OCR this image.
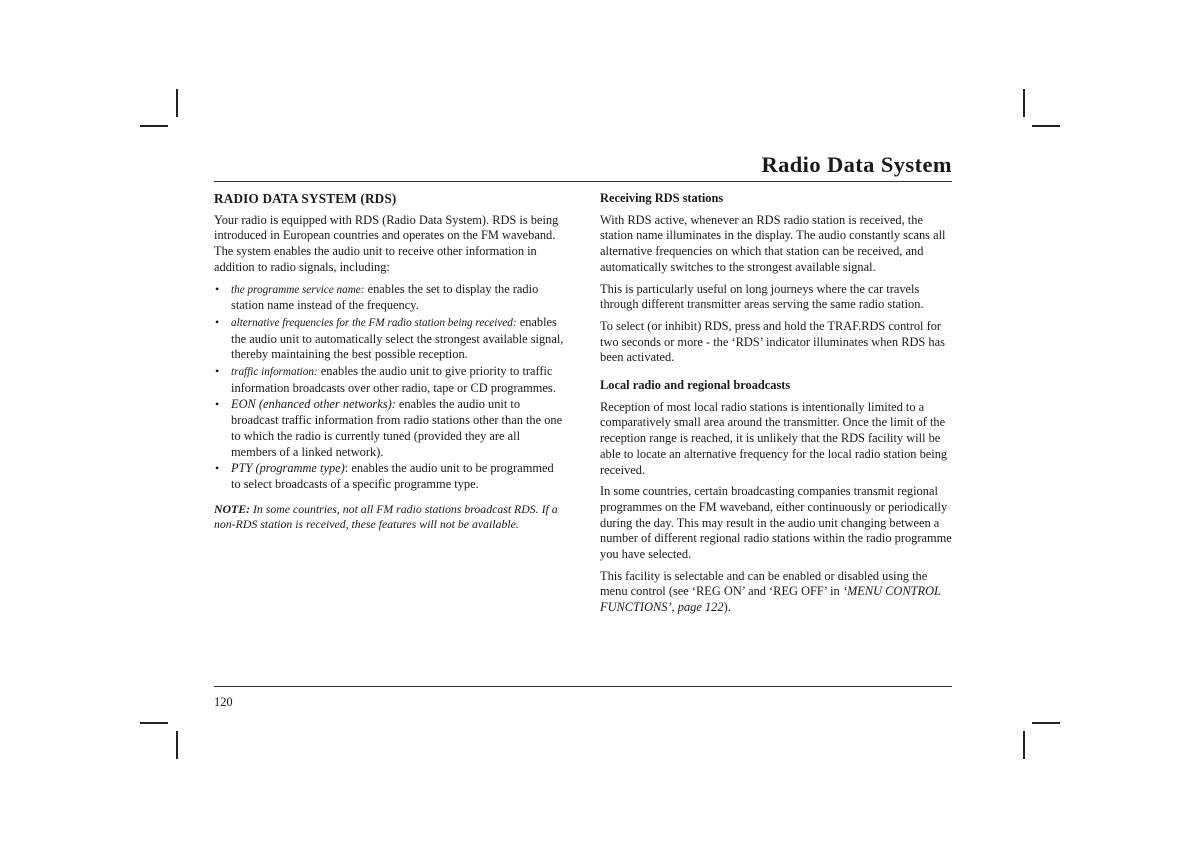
Radio Data System

RADIO DATA SYSTEM (RDS)

Your radio is equipped with RDS (Radio Data System). RDS is being introduced in European countries and operates on the FM waveband. The system enables the audio unit to receive other information in addition to radio signals, including:

• the programme service name: enables the set to display the radio station name instead of the frequency.
• alternative frequencies for the FM radio station being received: enables the audio unit to automatically select the strongest available signal, thereby maintaining the best possible reception.
• traffic information: enables the audio unit to give priority to traffic information broadcasts over other radio, tape or CD programmes.
• EON (enhanced other networks): enables the audio unit to broadcast traffic information from radio stations other than the one to which the radio is currently tuned (provided they are all members of a linked network).
• PTY (programme type): enables the audio unit to be programmed to select broadcasts of a specific programme type.

NOTE: In some countries, not all FM radio stations broadcast RDS. If a non-RDS station is received, these features will not be available.

Receiving RDS stations

With RDS active, whenever an RDS radio station is received, the station name illuminates in the display. The audio constantly scans all alternative frequencies on which that station can be received, and automatically switches to the strongest available signal.

This is particularly useful on long journeys where the car travels through different transmitter areas serving the same radio station.

To select (or inhibit) RDS, press and hold the TRAF.RDS control for two seconds or more - the ‘RDS’ indicator illuminates when RDS has been activated.

Local radio and regional broadcasts

Reception of most local radio stations is intentionally limited to a comparatively small area around the transmitter. Once the limit of the reception range is reached, it is unlikely that the RDS facility will be able to locate an alternative frequency for the local radio station being received.

In some countries, certain broadcasting companies transmit regional programmes on the FM waveband, either continuously or periodically during the day. This may result in the audio unit changing between a number of different regional radio stations within the radio programme you have selected.

This facility is selectable and can be enabled or disabled using the menu control (see ‘REG ON’ and ‘REG OFF’ in ‘MENU CONTROL FUNCTIONS’, page 122).

120
